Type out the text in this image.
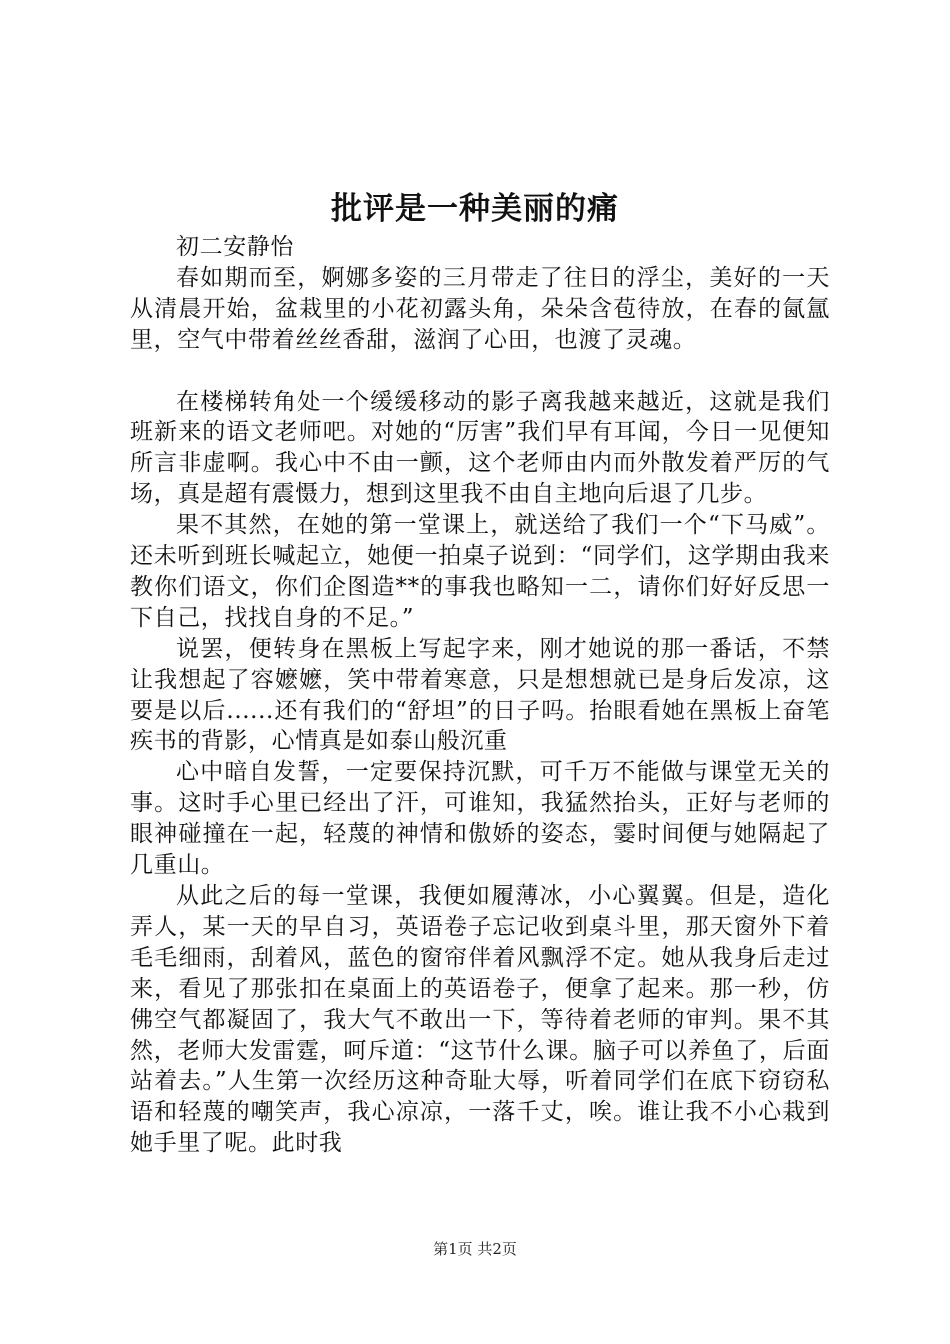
批评是一种美丽的痛

初二安静怡

春如期而至，婀娜多姿的三月带走了往日的浮尘，美好的一天从清晨开始，盆栽里的小花初露头角，朵朵含苞待放，在春的氤氲里，空气中带着丝丝香甜，滋润了心田，也渡了灵魂。

在楼梯转角处一个缓缓移动的影子离我越来越近，这就是我们班新来的语文老师吧。对她的“厉害”我们早有耳闻，今日一见便知所言非虚啊。我心中不由一颤，这个老师由内而外散发着严厉的气场，真是超有震慑力，想到这里我不由自主地向后退了几步。

果不其然，在她的第一堂课上，就送给了我们一个“下马威”。还未听到班长喊起立，她便一拍桌子说到：“同学们，这学期由我来教你们语文，你们企图造**的事我也略知一二，请你们好好反思一下自己，找找自身的不足。”

说罢，便转身在黑板上写起字来，刚才她说的那一番话，不禁让我想起了容嬷嬷，笑中带着寒意，只是想想就已是身后发凉，这要是以后......还有我们的“舒坦”的日子吗。抬眼看她在黑板上奋笔疾书的背影，心情真是如泰山般沉重

心中暗自发誓，一定要保持沉默，可千万不能做与课堂无关的事。这时手心里已经出了汗，可谁知，我猛然抬头，正好与老师的眼神碰撞在一起，轻蔑的神情和傲娇的姿态，霎时间便与她隔起了几重山。

从此之后的每一堂课，我便如履薄冰，小心翼翼。但是，造化弄人，某一天的早自习，英语卷子忘记收到桌斗里，那天窗外下着毛毛细雨，刮着风，蓝色的窗帘伴着风飘浮不定。她从我身后走过来，看见了那张扣在桌面上的英语卷子，便拿了起来。那一秒，仿佛空气都凝固了，我大气不敢出一下，等待着老师的审判。果不其然，老师大发雷霆，呵斥道：“这节什么课。脑子可以养鱼了，后面站着去。”人生第一次经历这种奇耻大辱，听着同学们在底下窃窃私语和轻蔑的嘲笑声，我心凉凉，一落千丈，唉。谁让我不小心栽到她手里了呢。此时我

第1页 共2页
